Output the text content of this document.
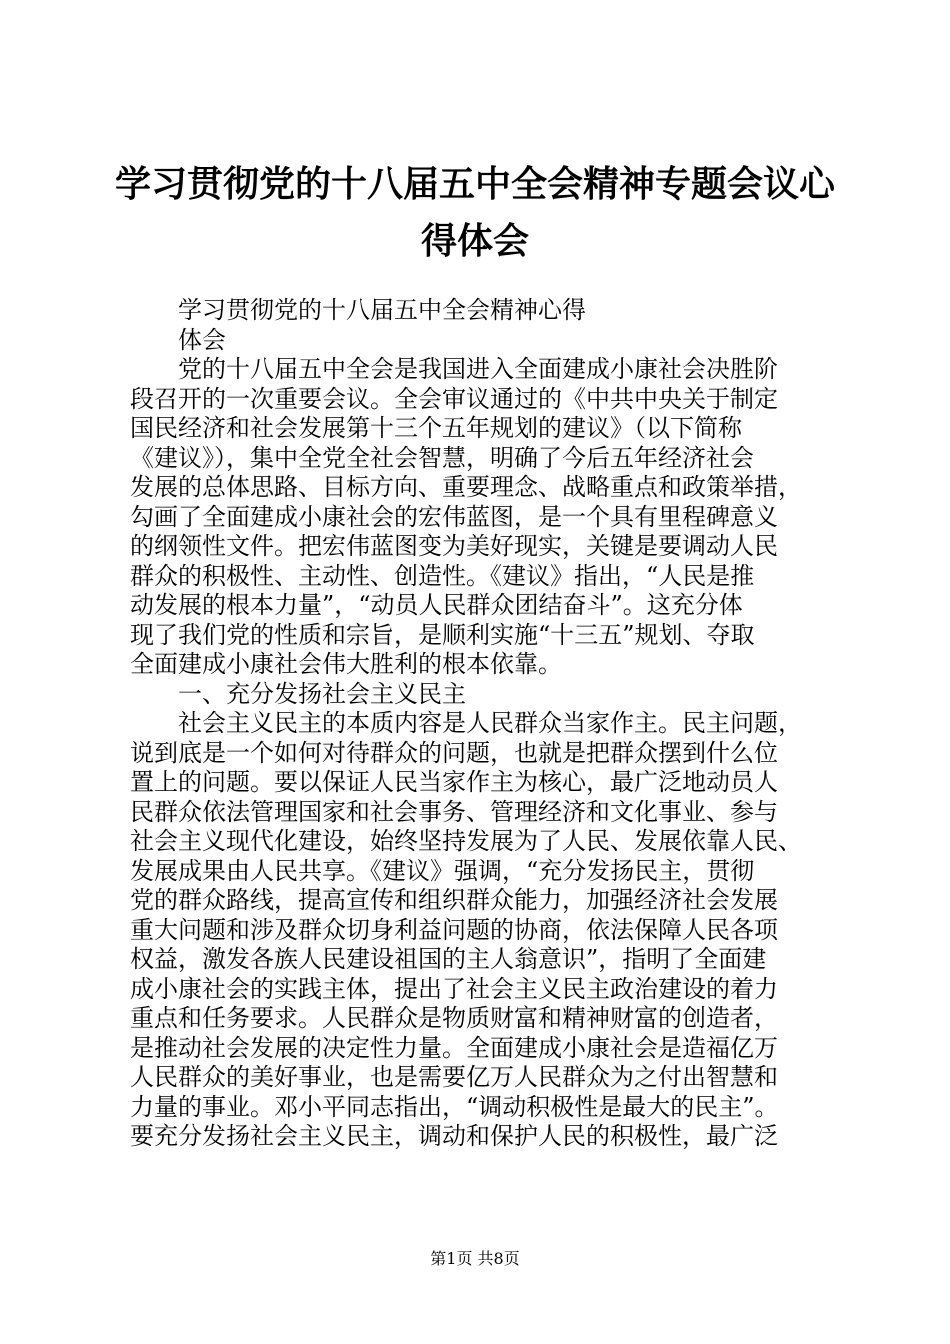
学习贯彻党的十八届五中全会精神专题会议心
得体会
学习贯彻党的十八届五中全会精神心得
体会
党的十八届五中全会是我国进入全面建成小康社会决胜阶
段召开的一次重要会议。全会审议通过的《中共中央关于制定
国民经济和社会发展第十三个五年规划的建议》（以下简称
《建议》），集中全党全社会智慧，明确了今后五年经济社会
发展的总体思路、目标方向、重要理念、战略重点和政策举措，
勾画了全面建成小康社会的宏伟蓝图，是一个具有里程碑意义
的纲领性文件。把宏伟蓝图变为美好现实，关键是要调动人民
群众的积极性、主动性、创造性。《建议》指出，“人民是推
动发展的根本力量”，“动员人民群众团结奋斗”。这充分体
现了我们党的性质和宗旨，是顺利实施“十三五”规划、夺取
全面建成小康社会伟大胜利的根本依靠。
一、充分发扬社会主义民主
社会主义民主的本质内容是人民群众当家作主。民主问题，
说到底是一个如何对待群众的问题，也就是把群众摆到什么位
置上的问题。要以保证人民当家作主为核心，最广泛地动员人
民群众依法管理国家和社会事务、管理经济和文化事业、参与
社会主义现代化建设，始终坚持发展为了人民、发展依靠人民、
发展成果由人民共享。《建议》强调，“充分发扬民主，贯彻
党的群众路线，提高宣传和组织群众能力，加强经济社会发展
重大问题和涉及群众切身利益问题的协商，依法保障人民各项
权益，激发各族人民建设祖国的主人翁意识”，指明了全面建
成小康社会的实践主体，提出了社会主义民主政治建设的着力
重点和任务要求。人民群众是物质财富和精神财富的创造者，
是推动社会发展的决定性力量。全面建成小康社会是造福亿万
人民群众的美好事业，也是需要亿万人民群众为之付出智慧和
力量的事业。邓小平同志指出，“调动积极性是最大的民主”。
要充分发扬社会主义民主，调动和保护人民的积极性，最广泛
第1页 共8页
